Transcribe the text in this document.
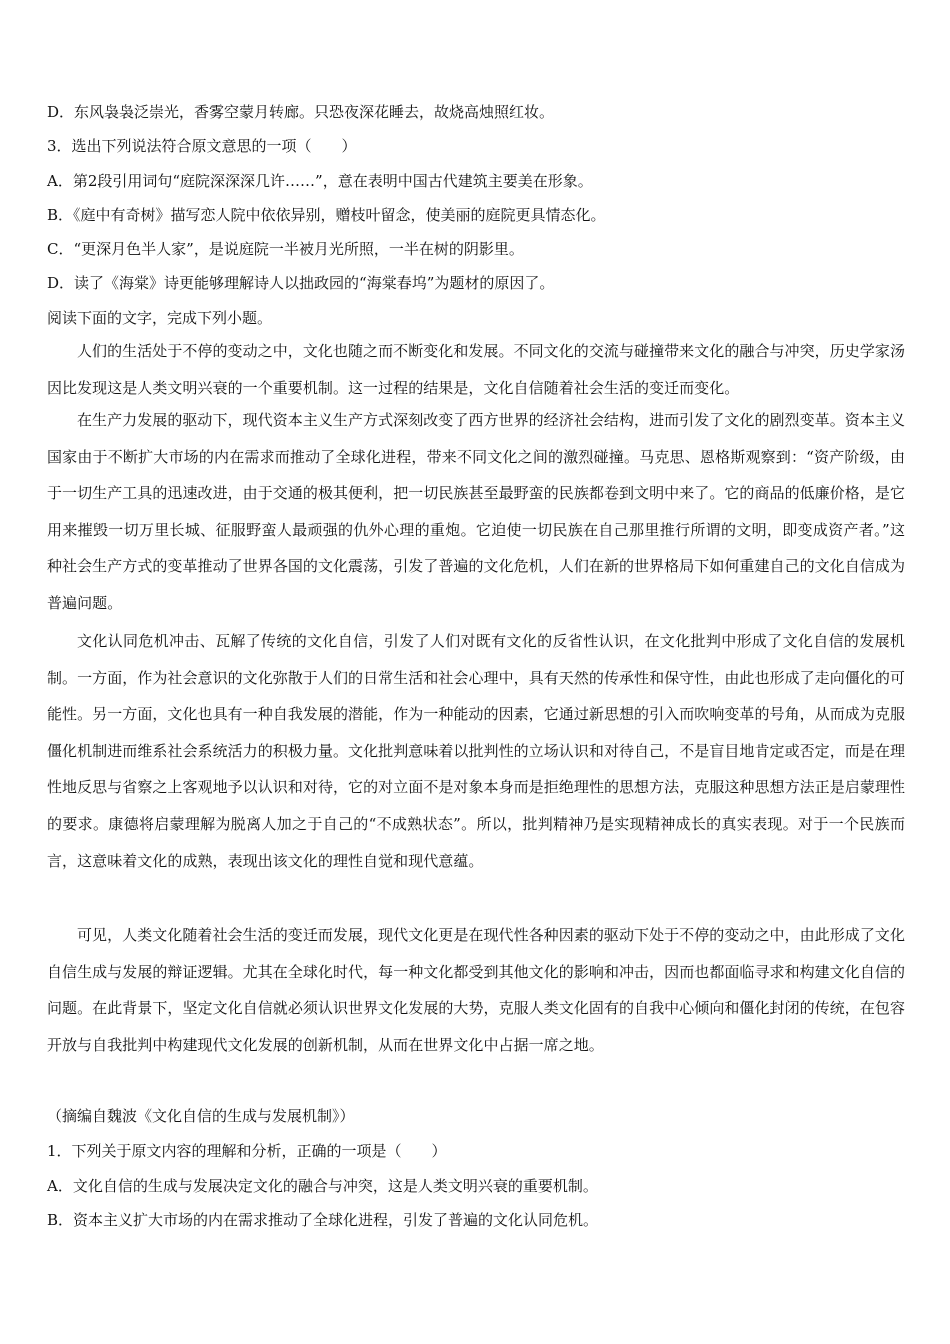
D．东风袅袅泛崇光，香雾空蒙月转廊。只恐夜深花睡去，故烧高烛照红妆。
3．选出下列说法符合原文意思的一项（　　）
A．第2段引用词句“庭院深深深几许……”，意在表明中国古代建筑主要美在形象。
B．《庭中有奇树》描写恋人院中依依异别，赠枝叶留念，使美丽的庭院更具情态化。
C．“更深月色半人家”，是说庭院一半被月光所照，一半在树的阴影里。
D．读了《海棠》诗更能够理解诗人以拙政园的“海棠春坞”为题材的原因了。
阅读下面的文字，完成下列小题。
人们的生活处于不停的变动之中，文化也随之而不断变化和发展。不同文化的交流与碰撞带来文化的融合与冲突，历史学家汤因比发现这是人类文明兴衰的一个重要机制。这一过程的结果是，文化自信随着社会生活的变迁而变化。
在生产力发展的驱动下，现代资本主义生产方式深刻改变了西方世界的经济社会结构，进而引发了文化的剧烈变革。资本主义国家由于不断扩大市场的内在需求而推动了全球化进程，带来不同文化之间的激烈碰撞。马克思、恩格斯观察到：“资产阶级，由于一切生产工具的迅速改进，由于交通的极其便利，把一切民族甚至最野蛮的民族都卷到文明中来了。它的商品的低廉价格，是它用来摧毁一切万里长城、征服野蛮人最顽强的仇外心理的重炮。它迫使一切民族在自己那里推行所谓的文明，即变成资产者。”这种社会生产方式的变革推动了世界各国的文化震荡，引发了普遍的文化危机，人们在新的世界格局下如何重建自己的文化自信成为普遍问题。
文化认同危机冲击、瓦解了传统的文化自信，引发了人们对既有文化的反省性认识，在文化批判中形成了文化自信的发展机制。一方面，作为社会意识的文化弥散于人们的日常生活和社会心理中，具有天然的传承性和保守性，由此也形成了走向僵化的可能性。另一方面，文化也具有一种自我发展的潜能，作为一种能动的因素，它通过新思想的引入而吹响变革的号角，从而成为克服僵化机制进而维系社会系统活力的积极力量。文化批判意味着以批判性的立场认识和对待自己，不是盲目地肯定或否定，而是在理性地反思与省察之上客观地予以认识和对待，它的对立面不是对象本身而是拒绝理性的思想方法，克服这种思想方法正是启蒙理性的要求。康德将启蒙理解为脱离人加之于自己的“不成熟状态”。所以，批判精神乃是实现精神成长的真实表现。对于一个民族而言，这意味着文化的成熟，表现出该文化的理性自觉和现代意蕴。
可见，人类文化随着社会生活的变迁而发展，现代文化更是在现代性各种因素的驱动下处于不停的变动之中，由此形成了文化自信生成与发展的辩证逻辑。尤其在全球化时代，每一种文化都受到其他文化的影响和冲击，因而也都面临寻求和构建文化自信的问题。在此背景下，坚定文化自信就必须认识世界文化发展的大势，克服人类文化固有的自我中心倾向和僵化封闭的传统，在包容开放与自我批判中构建现代文化发展的创新机制，从而在世界文化中占据一席之地。
（摘编自魏波《文化自信的生成与发展机制》）
1．下列关于原文内容的理解和分析，正确的一项是（　　）
A．文化自信的生成与发展决定文化的融合与冲突，这是人类文明兴衰的重要机制。
B．资本主义扩大市场的内在需求推动了全球化进程，引发了普遍的文化认同危机。
